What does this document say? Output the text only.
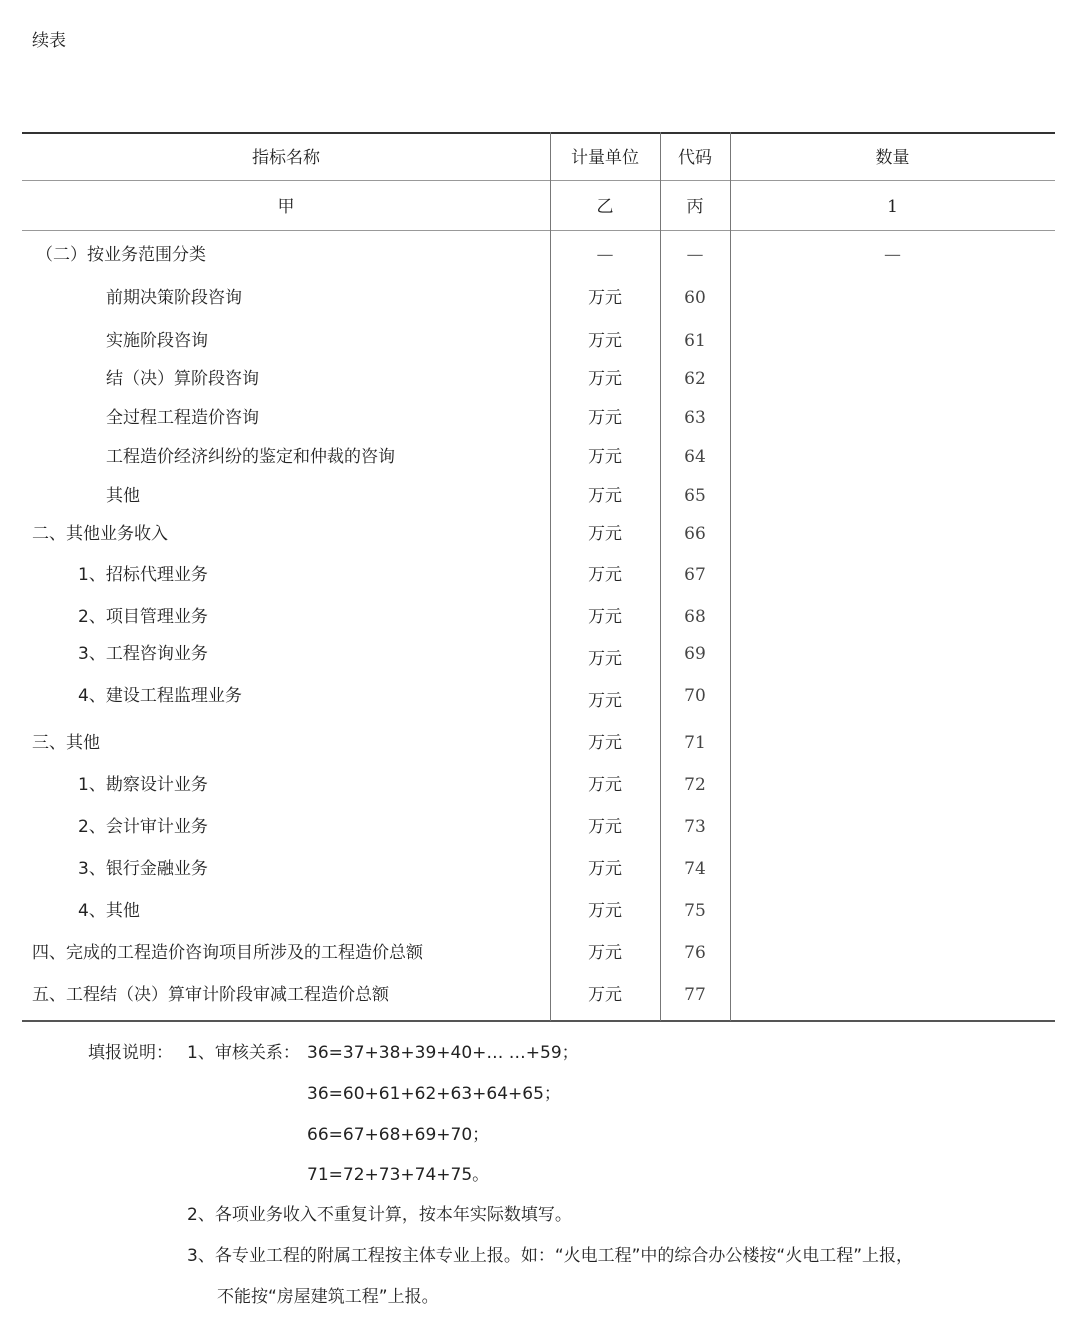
续表
指标名称	计量单位	代码	数量
甲	乙	丙	1
（二）按业务范围分类	—	—	—
前期决策阶段咨询	万元	60
实施阶段咨询	万元	61
结（决）算阶段咨询	万元	62
全过程工程造价咨询	万元	63
工程造价经济纠纷的鉴定和仲裁的咨询	万元	64
其他	万元	65
二、其他业务收入	万元	66
1、招标代理业务	万元	67
2、项目管理业务	万元	68
3、工程咨询业务	万元	69
4、建设工程监理业务	万元	70
三、其他	万元	71
1、勘察设计业务	万元	72
2、会计审计业务	万元	73
3、银行金融业务	万元	74
4、其他	万元	75
四、完成的工程造价咨询项目所涉及的工程造价总额	万元	76
五、工程结（决）算审计阶段审减工程造价总额	万元	77
填报说明： 1、审核关系： 36=37+38+39+40+… …+59；
36=60+61+62+63+64+65；
66=67+68+69+70；
71=72+73+74+75。
2、各项业务收入不重复计算，按本年实际数填写。
3、各专业工程的附属工程按主体专业上报。如：“火电工程”中的综合办公楼按“火电工程”上报，
不能按“房屋建筑工程”上报。
